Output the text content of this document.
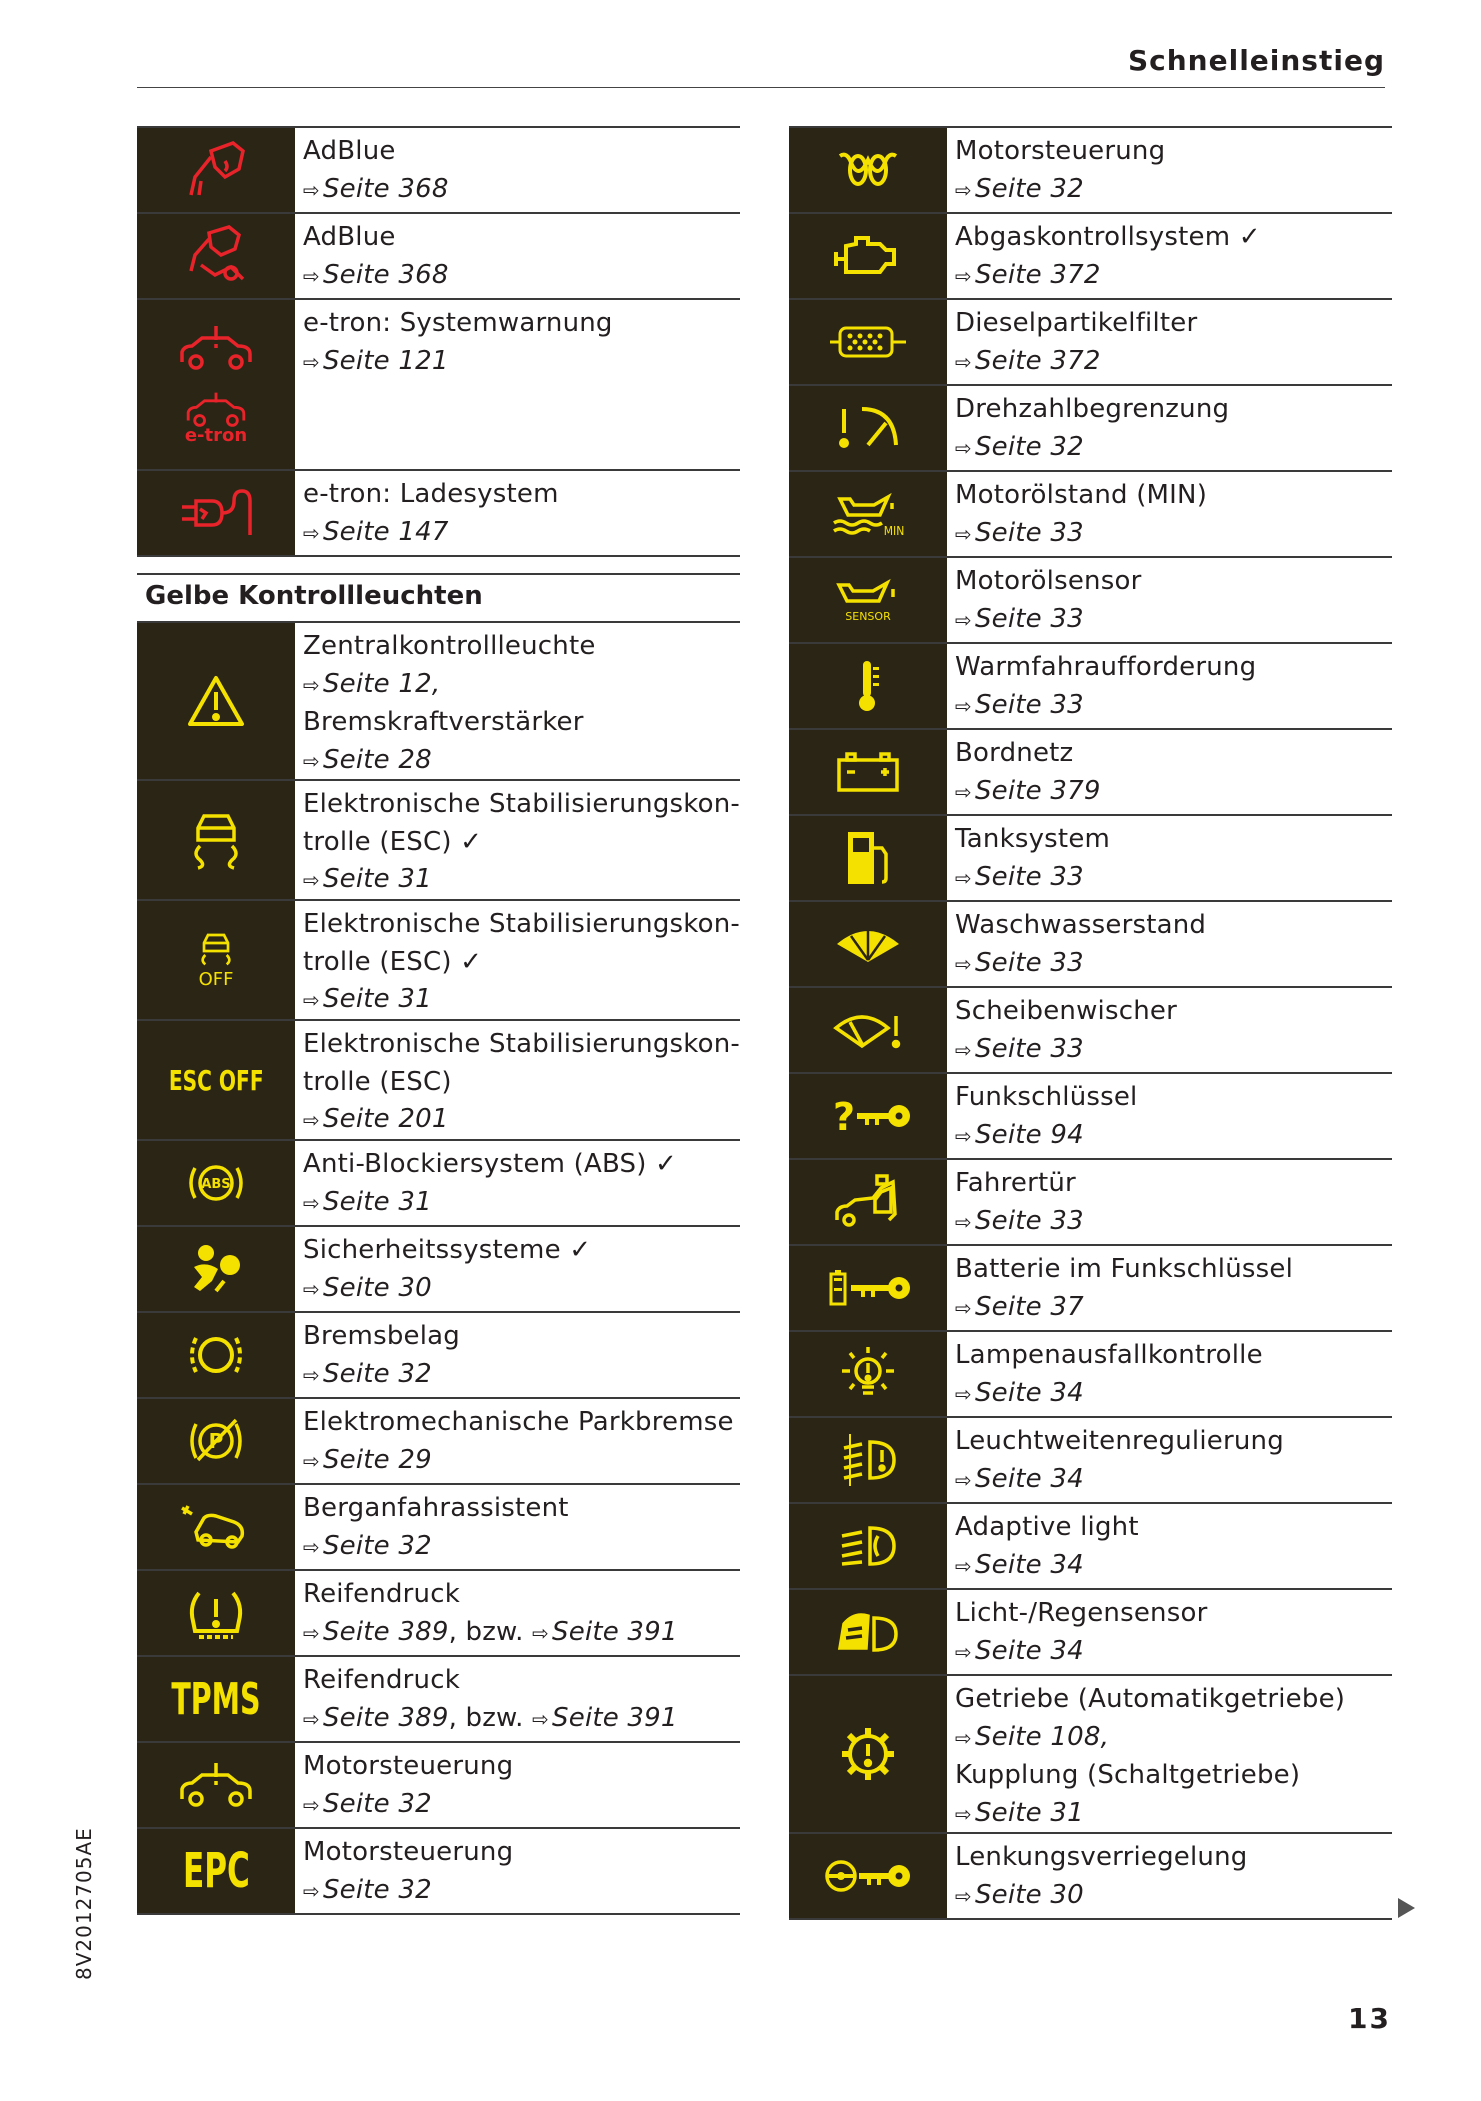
Schnelleinstieg
AdBlue
⇨ Seite 368
AdBlue
⇨ Seite 368
e-tron
e-tron: Systemwarnung
⇨ Seite 121
e-tron: Ladesystem
⇨ Seite 147
Gelbe Kontrollleuchten
Zentralkontrollleuchte
⇨ Seite 12,
Bremskraftverstärker
⇨ Seite 28
Elektronische Stabilisierungskon-
trolle (ESC) ✓
⇨ Seite 31
OFF
Elektronische Stabilisierungskon-
trolle (ESC) ✓
⇨ Seite 31
ESC OFF
Elektronische Stabilisierungskon-
trolle (ESC)
⇨ Seite 201
ABS
Anti-Blockiersystem (ABS) ✓
⇨ Seite 31
Sicherheitssysteme ✓
⇨ Seite 30
Bremsbelag
⇨ Seite 32
P
Elektromechanische Parkbremse
⇨ Seite 29
Berganfahrassistent
⇨ Seite 32
Reifendruck
⇨ Seite 389, bzw. ⇨ Seite 391
TPMS	Reifendruck
⇨ Seite 389, bzw. ⇨ Seite 391
Motorsteuerung
⇨ Seite 32
EPC	Motorsteuerung
⇨ Seite 32
Motorsteuerung
⇨ Seite 32
Abgaskontrollsystem ✓
⇨ Seite 372
Dieselpartikelfilter
⇨ Seite 372
Drehzahlbegrenzung
⇨ Seite 32
MIN
Motorölstand (MIN)
⇨ Seite 33
SENSOR
Motorölsensor
⇨ Seite 33
Warmfahraufforderung
⇨ Seite 33
Bordnetz
⇨ Seite 379
Tanksystem
⇨ Seite 33
Waschwasserstand
⇨ Seite 33
Scheibenwischer
⇨ Seite 33
?	Funkschlüssel
⇨ Seite 94
Fahrertür
⇨ Seite 33
Batterie im Funkschlüssel
⇨ Seite 37
Lampenausfallkontrolle
⇨ Seite 34
Leuchtweitenregulierung
⇨ Seite 34
Adaptive light
⇨ Seite 34
Licht-/Regensensor
⇨ Seite 34
Getriebe (Automatikgetriebe)
⇨ Seite 108,
Kupplung (Schaltgetriebe)
⇨ Seite 31
Lenkungsverriegelung
⇨ Seite 30
8V2012705AE
13
